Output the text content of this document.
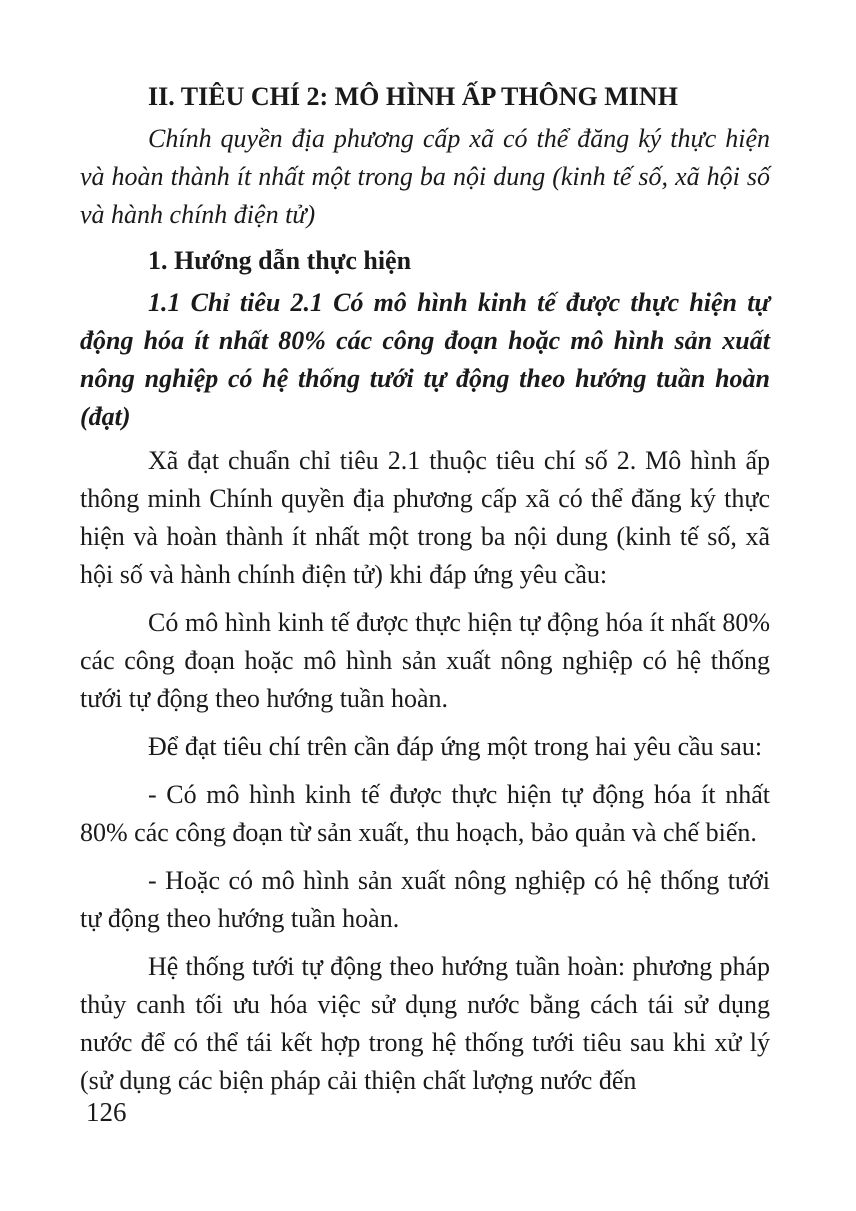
II. TIÊU CHÍ 2: MÔ HÌNH ẤP THÔNG MINH

Chính quyền địa phương cấp xã có thể đăng ký thực hiện và hoàn thành ít nhất một trong ba nội dung (kinh tế số, xã hội số và hành chính điện tử)

1. Hướng dẫn thực hiện

1.1 Chỉ tiêu 2.1 Có mô hình kinh tế được thực hiện tự động hóa ít nhất 80% các công đoạn hoặc mô hình sản xuất nông nghiệp có hệ thống tưới tự động theo hướng tuần hoàn (đạt)

Xã đạt chuẩn chỉ tiêu 2.1 thuộc tiêu chí số 2. Mô hình ấp thông minh Chính quyền địa phương cấp xã có thể đăng ký thực hiện và hoàn thành ít nhất một trong ba nội dung (kinh tế số, xã hội số và hành chính điện tử) khi đáp ứng yêu cầu:

Có mô hình kinh tế được thực hiện tự động hóa ít nhất 80% các công đoạn hoặc mô hình sản xuất nông nghiệp có hệ thống tưới tự động theo hướng tuần hoàn.

Để đạt tiêu chí trên cần đáp ứng một trong hai yêu cầu sau:

- Có mô hình kinh tế được thực hiện tự động hóa ít nhất 80% các công đoạn từ sản xuất, thu hoạch, bảo quản và chế biến.

- Hoặc có mô hình sản xuất nông nghiệp có hệ thống tưới tự động theo hướng tuần hoàn.

Hệ thống tưới tự động theo hướng tuần hoàn: phương pháp thủy canh tối ưu hóa việc sử dụng nước bằng cách tái sử dụng nước để có thể tái kết hợp trong hệ thống tưới tiêu sau khi xử lý (sử dụng các biện pháp cải thiện chất lượng nước đến

126
